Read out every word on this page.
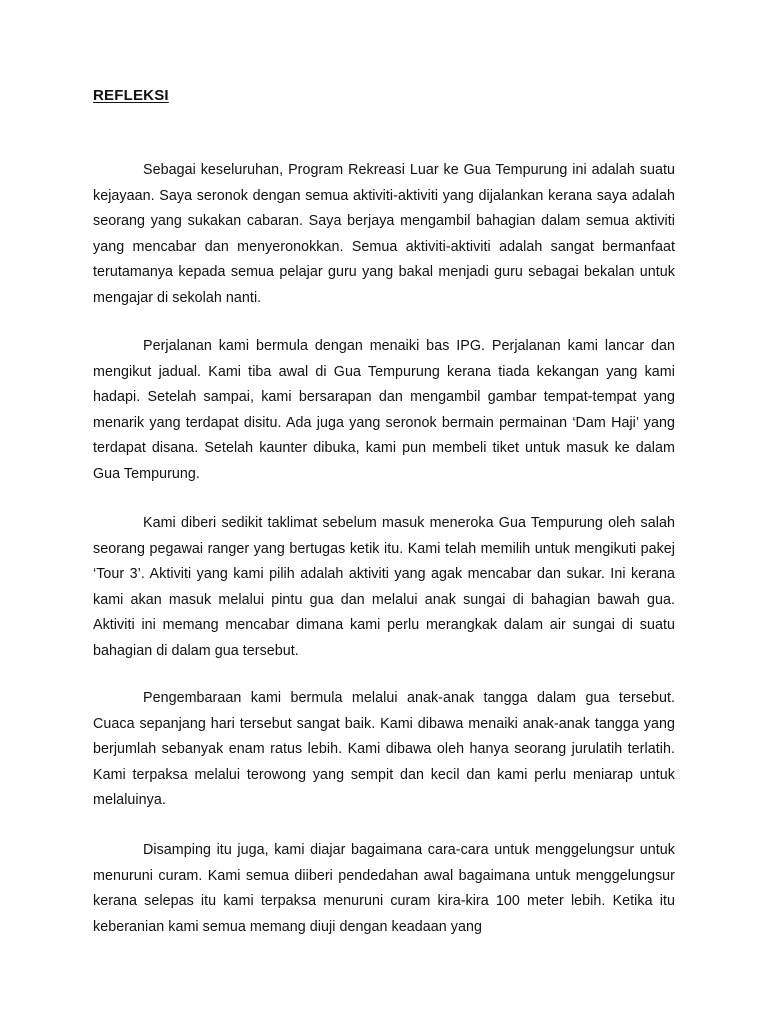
REFLEKSI

Sebagai keseluruhan, Program Rekreasi Luar ke Gua Tempurung ini adalah suatu kejayaan. Saya seronok dengan semua aktiviti-aktiviti yang dijalankan kerana saya adalah seorang yang sukakan cabaran. Saya berjaya mengambil bahagian dalam semua aktiviti yang mencabar dan menyeronokkan. Semua aktiviti-aktiviti adalah sangat bermanfaat terutamanya kepada semua pelajar guru yang bakal menjadi guru sebagai bekalan untuk mengajar di sekolah nanti.

Perjalanan kami bermula dengan menaiki bas IPG. Perjalanan kami lancar dan mengikut jadual. Kami tiba awal di Gua Tempurung kerana tiada kekangan yang kami hadapi. Setelah sampai, kami bersarapan dan mengambil gambar tempat-tempat yang menarik yang terdapat disitu. Ada juga yang seronok bermain permainan ‘Dam Haji’ yang terdapat disana. Setelah kaunter dibuka, kami pun membeli tiket untuk masuk ke dalam Gua Tempurung.

Kami diberi sedikit taklimat sebelum masuk meneroka Gua Tempurung oleh salah seorang pegawai ranger yang bertugas ketik itu. Kami telah memilih untuk mengikuti pakej ‘Tour 3’. Aktiviti yang kami pilih adalah aktiviti yang agak mencabar dan sukar. Ini kerana kami akan masuk melalui pintu gua dan melalui anak sungai di bahagian bawah gua. Aktiviti ini memang mencabar dimana kami perlu merangkak dalam air sungai di suatu bahagian di dalam gua tersebut.

Pengembaraan kami bermula melalui anak-anak tangga dalam gua tersebut. Cuaca sepanjang hari tersebut sangat baik. Kami dibawa menaiki anak-anak tangga yang berjumlah sebanyak enam ratus lebih. Kami dibawa oleh hanya seorang jurulatih terlatih. Kami terpaksa melalui terowong yang sempit dan kecil dan kami perlu meniarap untuk melaluinya.

Disamping itu juga, kami diajar bagaimana cara-cara untuk menggelungsur untuk menuruni curam. Kami semua diiberi pendedahan awal bagaimana untuk menggelungsur kerana selepas itu kami terpaksa menuruni curam kira-kira 100 meter lebih. Ketika itu keberanian kami semua memang diuji dengan keadaan yang
